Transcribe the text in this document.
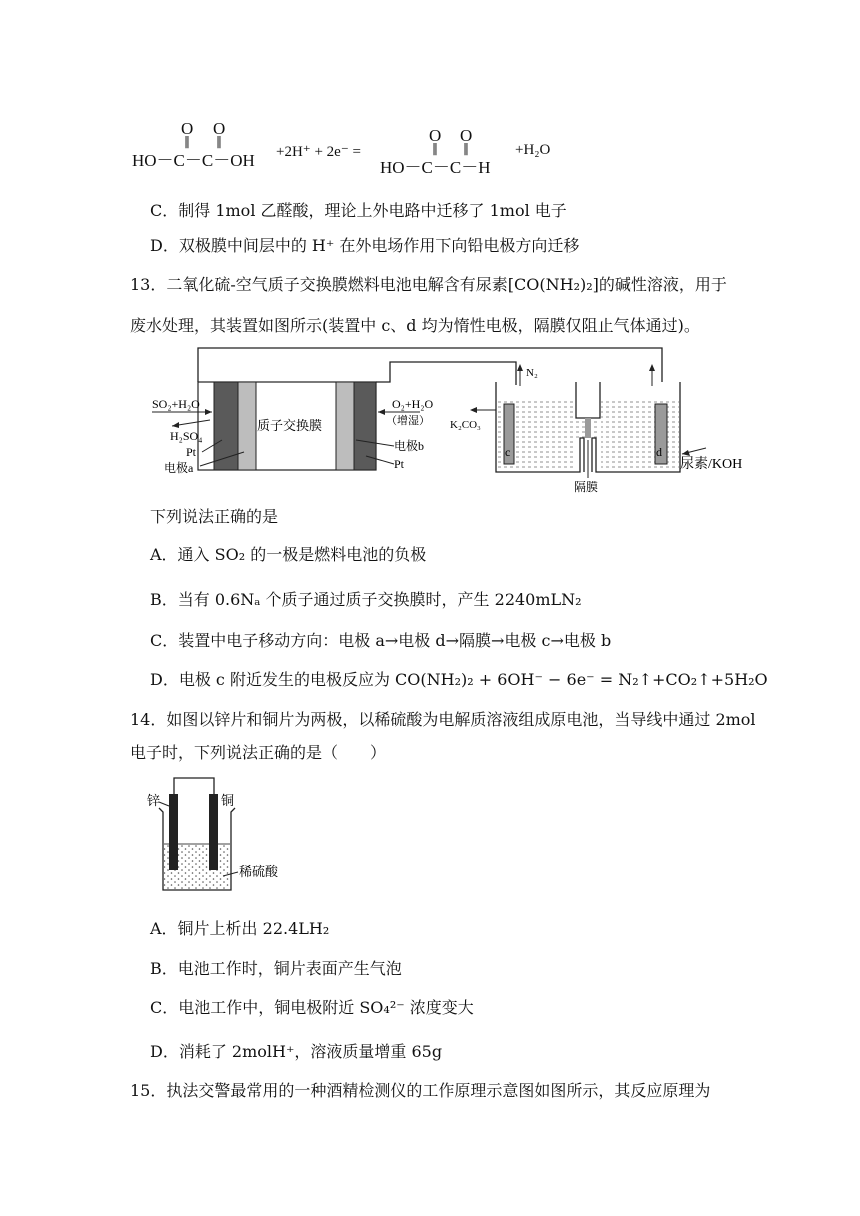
O O
‖ ‖
HO－C－C－OH +2H⁺ + 2e⁻ =
O O
‖ ‖
HO－C－C－H
+H₂O
C．制得 1mol 乙醛酸，理论上外电路中迁移了 1mol 电子
D．双极膜中间层中的 H⁺ 在外电场作用下向铅电极方向迁移
13．二氧化硫-空气质子交换膜燃料电池电解含有尿素[CO(NH₂)₂]的碱性溶液，用于
废水处理，其装置如图所示(装置中 c、d 均为惰性电极，隔膜仅阻止气体通过)。
质子交换膜
SO₂+H₂O
H₂SO₄
Pt
电极a
O₂+H₂O
（增湿）
电极b
Pt
c	d
N₂
K₂CO₃
尿素/KOH
隔膜
下列说法正确的是
A．通入 SO₂ 的一极是燃料电池的负极
B．当有 0.6Nₐ 个质子通过质子交换膜时，产生 2240mLN₂
C．装置中电子移动方向：电极 a→电极 d→隔膜→电极 c→电极 b
D．电极 c 附近发生的电极反应为 CO(NH₂)₂ + 6OH⁻ − 6e⁻ = N₂↑+CO₂↑+5H₂O
14．如图以锌片和铜片为两极，以稀硫酸为电解质溶液组成原电池，当导线中通过 2mol
电子时，下列说法正确的是（　　）
锌	铜
稀硫酸
A．铜片上析出 22.4LH₂
B．电池工作时，铜片表面产生气泡
C．电池工作中，铜电极附近 SO₄²⁻ 浓度变大
D．消耗了 2molH⁺，溶液质量增重 65g
15．执法交警最常用的一种酒精检测仪的工作原理示意图如图所示，其反应原理为
